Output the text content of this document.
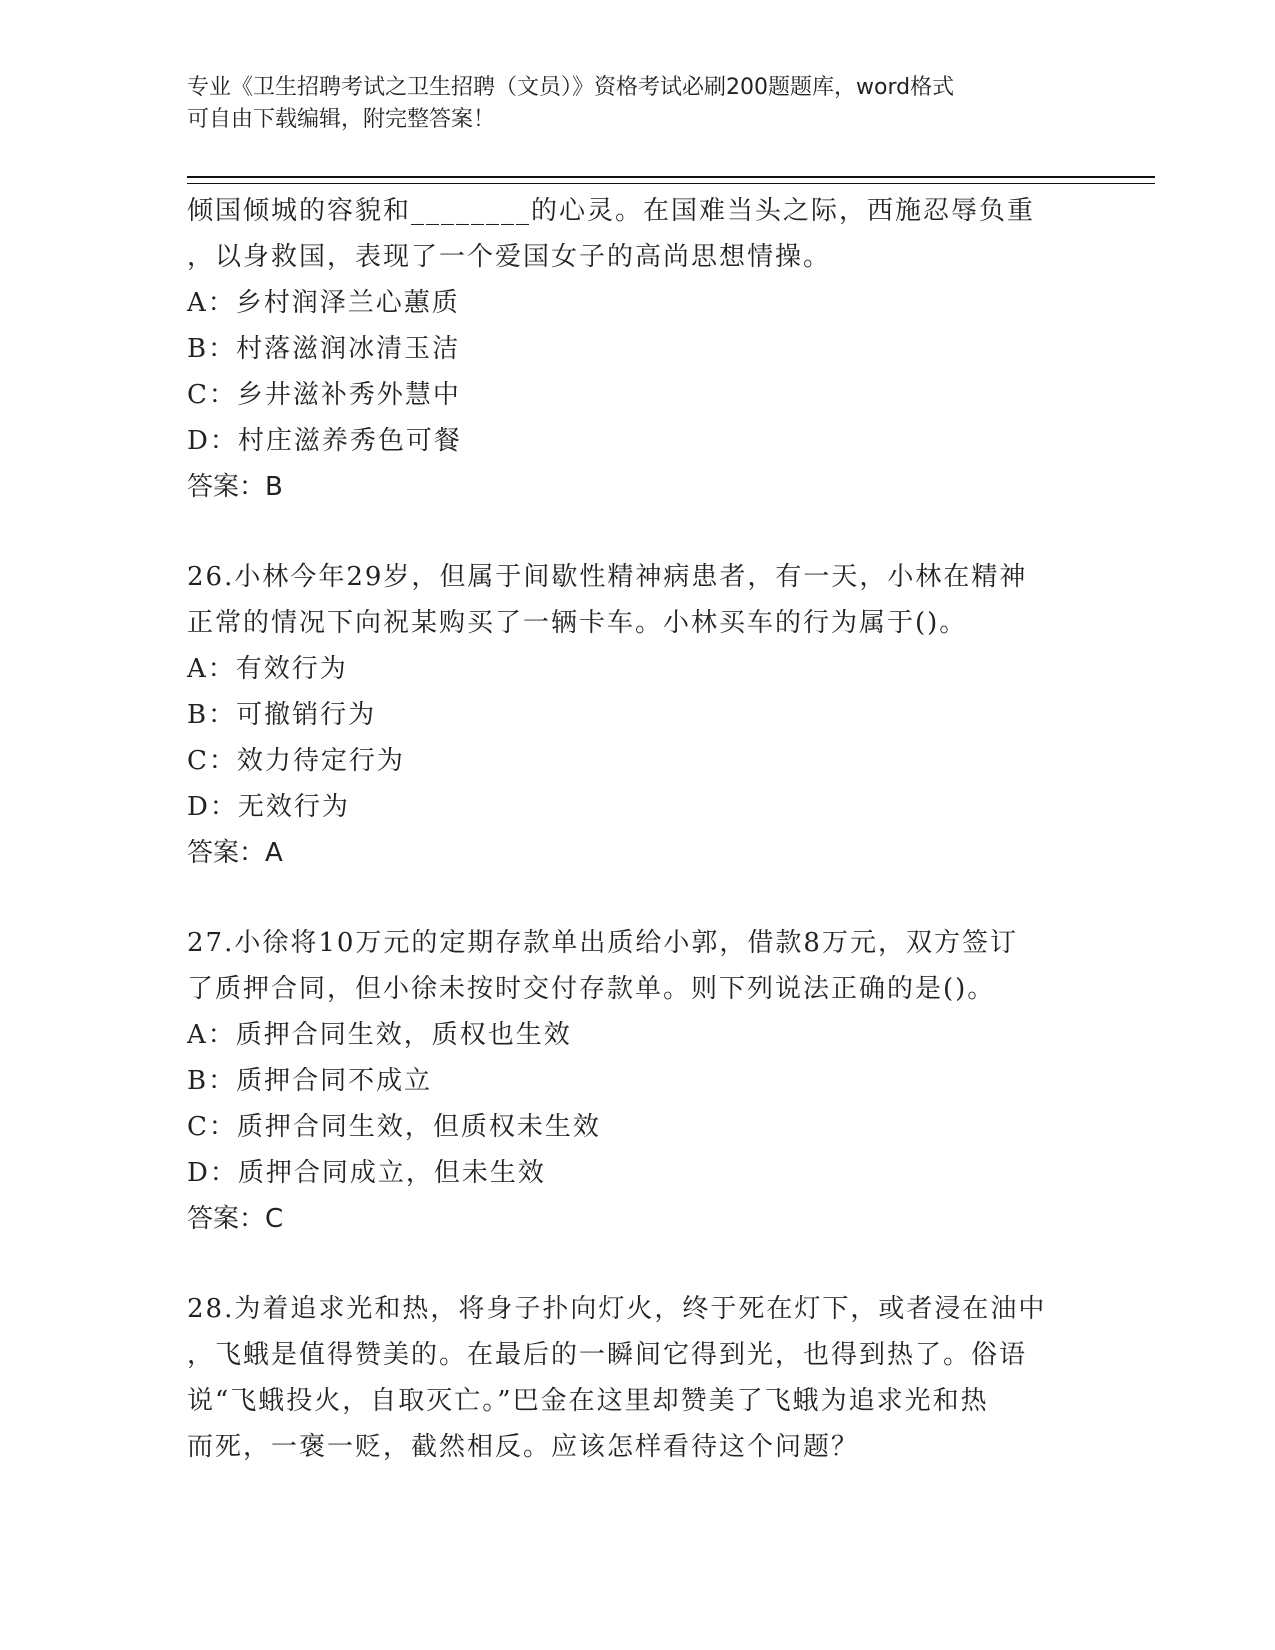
专业《卫生招聘考试之卫生招聘（文员）》资格考试必刷200题题库，word格式
可自由下载编辑，附完整答案！
倾国倾城的容貌和________的心灵。在国难当头之际，西施忍辱负重
，以身救国，表现了一个爱国女子的高尚思想情操。
A：乡村润泽兰心蕙质
B：村落滋润冰清玉洁
C：乡井滋补秀外慧中
D：村庄滋养秀色可餐
答案：B
26.小林今年29岁，但属于间歇性精神病患者，有一天，小林在精神
正常的情况下向祝某购买了一辆卡车。小林买车的行为属于()。
A：有效行为
B：可撤销行为
C：效力待定行为
D：无效行为
答案：A
27.小徐将10万元的定期存款单出质给小郭，借款8万元，双方签订
了质押合同，但小徐未按时交付存款单。则下列说法正确的是()。
A：质押合同生效，质权也生效
B：质押合同不成立
C：质押合同生效，但质权未生效
D：质押合同成立，但未生效
答案：C
28.为着追求光和热，将身子扑向灯火，终于死在灯下，或者浸在油中
，飞蛾是值得赞美的。在最后的一瞬间它得到光，也得到热了。俗语
说“飞蛾投火，自取灭亡。”巴金在这里却赞美了飞蛾为追求光和热
而死，一褒一贬，截然相反。应该怎样看待这个问题？
